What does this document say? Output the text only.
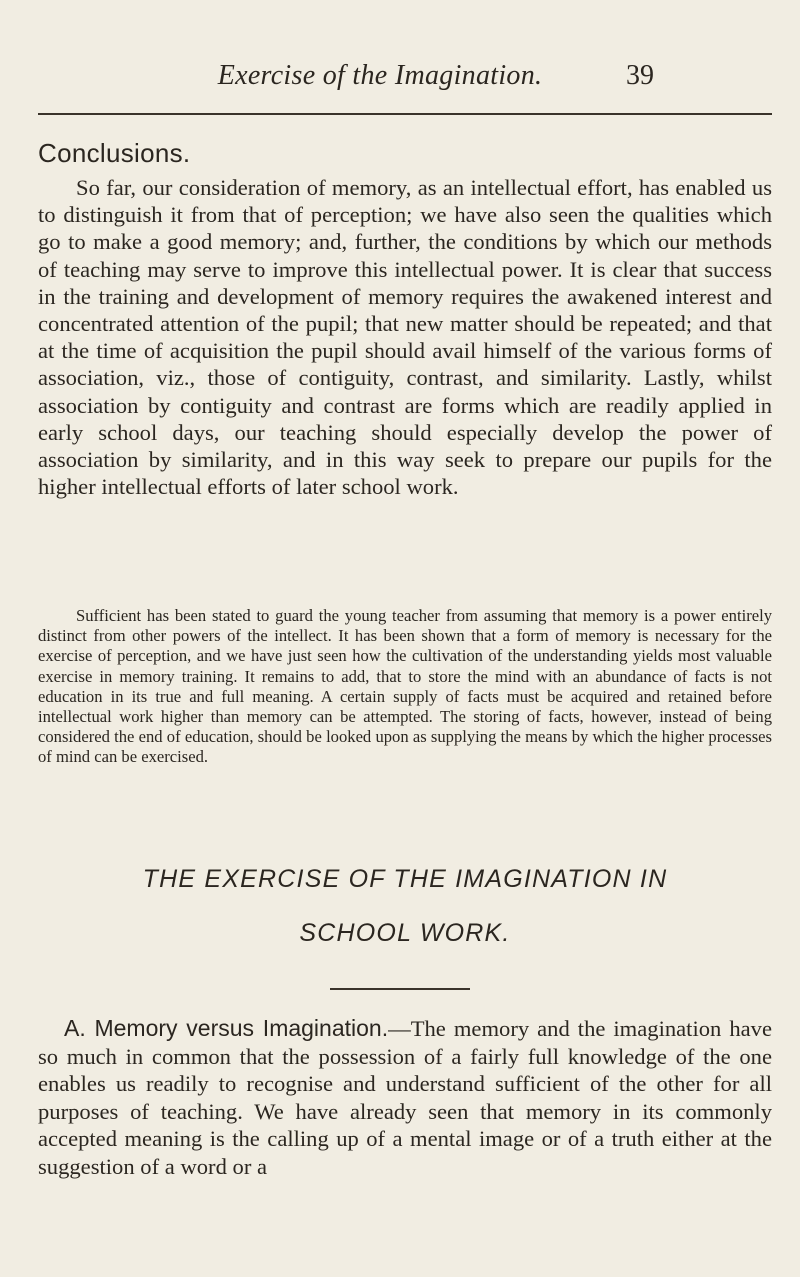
Exercise of the Imagination.	39
Conclusions.

So far, our consideration of memory, as an intellectual effort, has enabled us to distinguish it from that of perception; we have also seen the qualities which go to make a good memory; and, further, the conditions by which our methods of teaching may serve to improve this intellectual power. It is clear that success in the training and development of memory requires the awakened interest and concentrated attention of the pupil; that new matter should be repeated; and that at the time of acquisition the pupil should avail himself of the various forms of association, viz., those of contiguity, contrast, and similarity. Lastly, whilst association by contiguity and contrast are forms which are readily applied in early school days, our teaching should especially develop the power of association by similarity, and in this way seek to prepare our pupils for the higher intellectual efforts of later school work.

Sufficient has been stated to guard the young teacher from assuming that memory is a power entirely distinct from other powers of the intellect. It has been shown that a form of memory is necessary for the exercise of perception, and we have just seen how the cultivation of the understanding yields most valuable exercise in memory training. It remains to add, that to store the mind with an abundance of facts is not education in its true and full meaning. A certain supply of facts must be acquired and retained before intellectual work higher than memory can be attempted. The storing of facts, however, instead of being considered the end of education, should be looked upon as supplying the means by which the higher processes of mind can be exercised.

THE EXERCISE OF THE IMAGINATION IN
SCHOOL WORK.

A. Memory versus Imagination.—The memory and the imagination have so much in common that the possession of a fairly full knowledge of the one enables us readily to recognise and understand sufficient of the other for all purposes of teaching. We have already seen that memory in its commonly accepted meaning is the calling up of a mental image or of a truth either at the suggestion of a word or a
